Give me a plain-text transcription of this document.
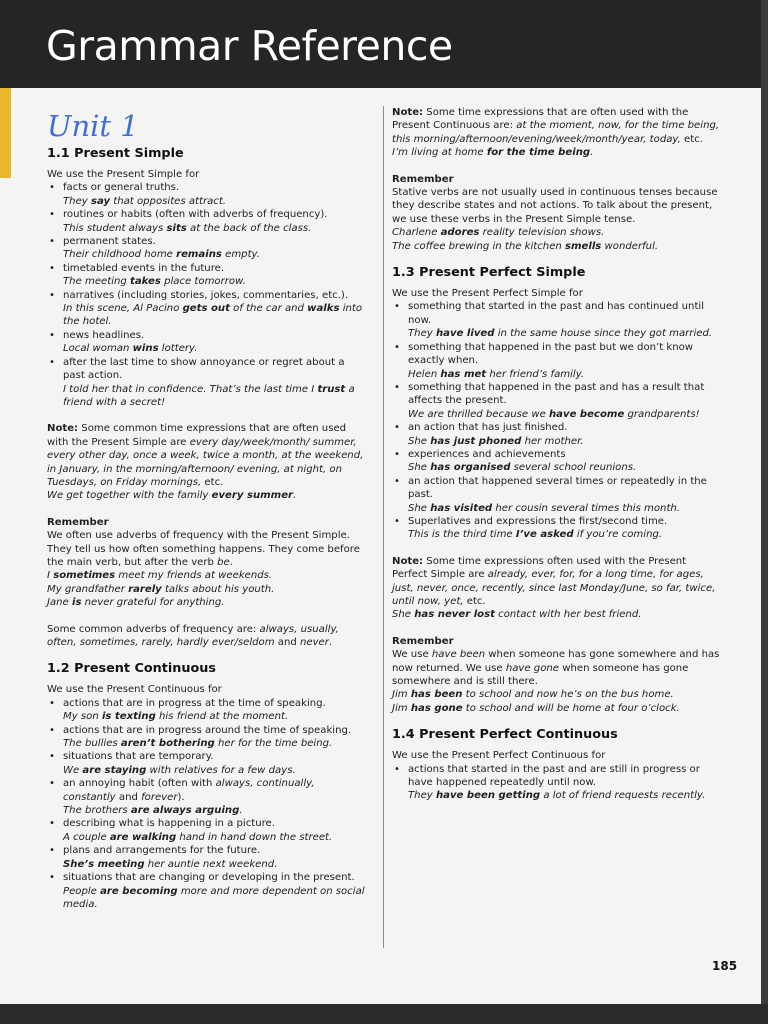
Grammar Reference
Unit 1
1.1 Present Simple

We use the Present Simple for

• facts or general truths.
They say that opposites attract.
• routines or habits (often with adverbs of frequency).
This student always sits at the back of the class.
• permanent states.
Their childhood home remains empty.
• timetabled events in the future.
The meeting takes place tomorrow.
• narratives (including stories, jokes, commentaries, etc.).
In this scene, Al Pacino gets out of the car and walks into the hotel.
• news headlines.
Local woman wins lottery.
• after the last time to show annoyance or regret about a past action.
I told her that in confidence. That’s the last time I trust a friend with a secret!

Note: Some common time expressions that are often used with the Present Simple are every day/week/month/ summer, every other day, once a week, twice a month, at the weekend, in January, in the morning/afternoon/ evening, at night, on Tuesdays, on Friday mornings, etc.
We get together with the family every summer.

Remember

We often use adverbs of frequency with the Present Simple. They tell us how often something happens. They come before the main verb, but after the verb be.
I sometimes meet my friends at weekends.
My grandfather rarely talks about his youth.
Jane is never grateful for anything.

Some common adverbs of frequency are: always, usually, often, sometimes, rarely, hardly ever/seldom and never.

1.2 Present Continuous

We use the Present Continuous for

• actions that are in progress at the time of speaking.
My son is texting his friend at the moment.
• actions that are in progress around the time of speaking.
The bullies aren’t bothering her for the time being.
• situations that are temporary.
We are staying with relatives for a few days.
• an annoying habit (often with always, continually, constantly and forever).
The brothers are always arguing.
• describing what is happening in a picture.
A couple are walking hand in hand down the street.
• plans and arrangements for the future.
She’s meeting her auntie next weekend.
• situations that are changing or developing in the present.
People are becoming more and more dependent on social media.

Note: Some time expressions that are often used with the Present Continuous are: at the moment, now, for the time being, this morning/afternoon/evening/week/month/year, today, etc.
I’m living at home for the time being.

Remember

Stative verbs are not usually used in continuous tenses because they describe states and not actions. To talk about the present, we use these verbs in the Present Simple tense.
Charlene adores reality television shows.
The coffee brewing in the kitchen smells wonderful.

1.3 Present Perfect Simple

We use the Present Perfect Simple for

• something that started in the past and has continued until now.
They have lived in the same house since they got married.
• something that happened in the past but we don’t know exactly when.
Helen has met her friend’s family.
• something that happened in the past and has a result that affects the present.
We are thrilled because we have become grandparents!
• an action that has just finished.
She has just phoned her mother.
• experiences and achievements
She has organised several school reunions.
• an action that happened several times or repeatedly in the past.
She has visited her cousin several times this month.
• Superlatives and expressions the first/second time.
This is the third time I’ve asked if you’re coming.

Note: Some time expressions often used with the Present Perfect Simple are already, ever, for, for a long time, for ages, just, never, once, recently, since last Monday/June, so far, twice, until now, yet, etc.
She has never lost contact with her best friend.

Remember

We use have been when someone has gone somewhere and has now returned. We use have gone when someone has gone somewhere and is still there.
Jim has been to school and now he’s on the bus home.
Jim has gone to school and will be home at four o’clock.

1.4 Present Perfect Continuous

We use the Present Perfect Continuous for

• actions that started in the past and are still in progress or have happened repeatedly until now.
They have been getting a lot of friend requests recently.
185
